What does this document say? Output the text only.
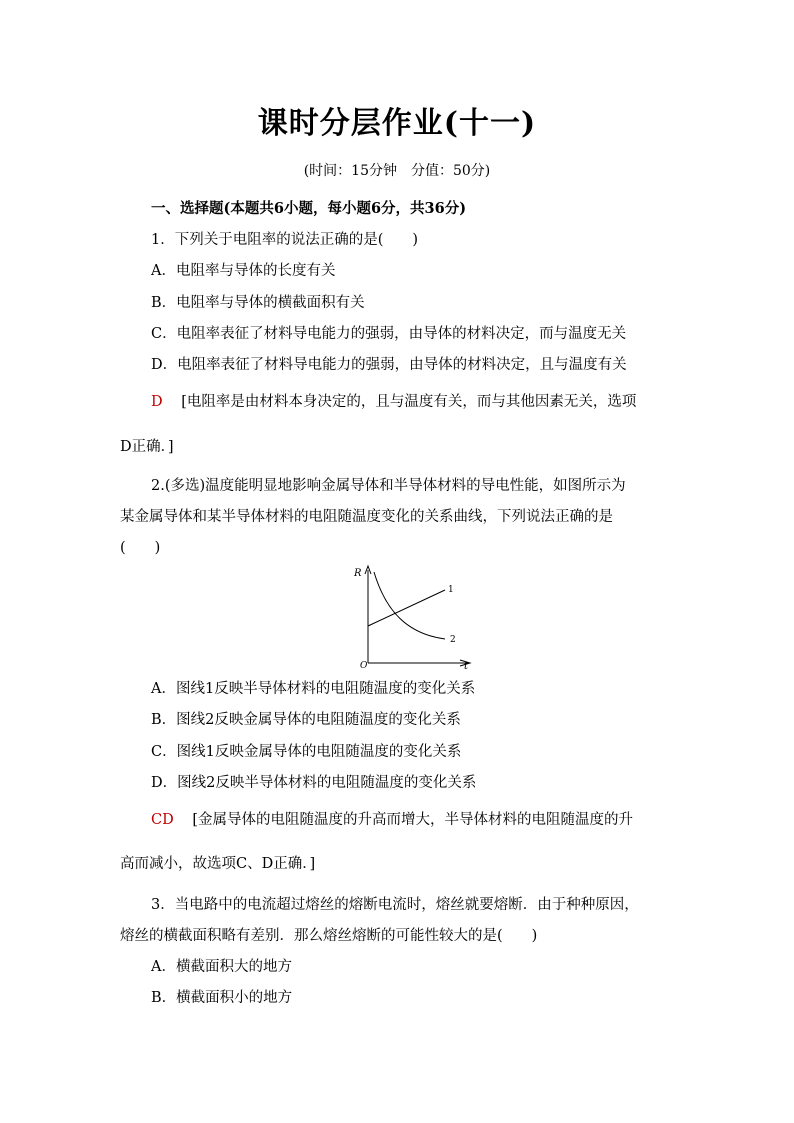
课时分层作业(十一)
(时间：15分钟　分值：50分)
一、选择题(本题共6小题，每小题6分，共36分)
1．下列关于电阻率的说法正确的是(　　)
A．电阻率与导体的长度有关
B．电阻率与导体的横截面积有关
C．电阻率表征了材料导电能力的强弱，由导体的材料决定，而与温度无关
D．电阻率表征了材料导电能力的强弱，由导体的材料决定，且与温度有关
D [电阻率是由材料本身决定的，且与温度有关，而与其他因素无关，选项
D正确．]
2.(多选)温度能明显地影响金属导体和半导体材料的导电性能，如图所示为
某金属导体和某半导体材料的电阻随温度变化的关系曲线，下列说法正确的是
(　　)
R
t
O
1
2
A．图线1反映半导体材料的电阻随温度的变化关系
B．图线2反映金属导体的电阻随温度的变化关系
C．图线1反映金属导体的电阻随温度的变化关系
D．图线2反映半导体材料的电阻随温度的变化关系
CD [金属导体的电阻随温度的升高而增大，半导体材料的电阻随温度的升
高而减小，故选项C、D正确．]
3．当电路中的电流超过熔丝的熔断电流时，熔丝就要熔断．由于种种原因，
熔丝的横截面积略有差别．那么熔丝熔断的可能性较大的是(　　)
A．横截面积大的地方
B．横截面积小的地方
